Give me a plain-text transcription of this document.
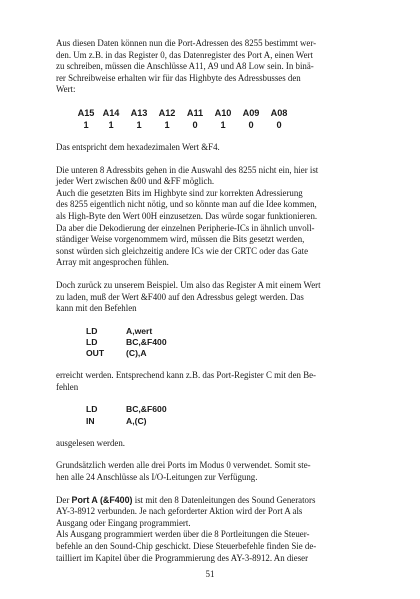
Aus diesen Daten können nun die Port-Adressen des 8255 bestimmt wer-
den. Um z.B. in das Register 0, das Datenregister des Port A, einen Wert
zu schreiben, müssen die Anschlüsse A11, A9 und A8 Low sein. In binä-
rer Schreibweise erhalten wir für das Highbyte des Adressbusses den
Wert:

A15 A14	A13	A12	A11	A10	A09	A08
1	1	1	1	0	1	0	0

Das entspricht dem hexadezimalen Wert &F4.

Die unteren 8 Adressbits gehen in die Auswahl des 8255 nicht ein, hier ist
jeder Wert zwischen &00 und &FF möglich.
Auch die gesetzten Bits im Highbyte sind zur korrekten Adressierung
des 8255 eigentlich nicht nötig, und so könnte man auf die Idee kommen,
als High-Byte den Wert 00H einzusetzen. Das würde sogar funktionieren.
Da aber die Dekodierung der einzelnen Peripherie-ICs in ähnlich unvoll-
ständiger Weise vorgenommem wird, müssen die Bits gesetzt werden,
sonst würden sich gleichzeitig andere ICs wie der CRTC oder das Gate
Array mit angesprochen fühlen.

Doch zurück zu unserem Beispiel. Um also das Register A mit einem Wert
zu laden, muß der Wert &F400 auf den Adressbus gelegt werden. Das
kann mit den Befehlen

LD	A,wert
LD	BC,&F400
OUT	(C),A

erreicht werden. Entsprechend kann z.B. das Port-Register C mit den Be-
fehlen

LD	BC,&F600
IN	A,(C)

ausgelesen werden.

Grundsätzlich werden alle drei Ports im Modus 0 verwendet. Somit ste-
hen alle 24 Anschlüsse als I/O-Leitungen zur Verfügung.

Der Port A (&F400) ist mit den 8 Datenleitungen des Sound Generators
AY-3-8912 verbunden. Je nach geforderter Aktion wird der Port A als
Ausgang oder Eingang programmiert.
Als Ausgang programmiert werden über die 8 Portleitungen die Steuer-
befehle an den Sound-Chip geschickt. Diese Steuerbefehle finden Sie de-
tailliert im Kapitel über die Programmierung des AY-3-8912. An dieser

51
